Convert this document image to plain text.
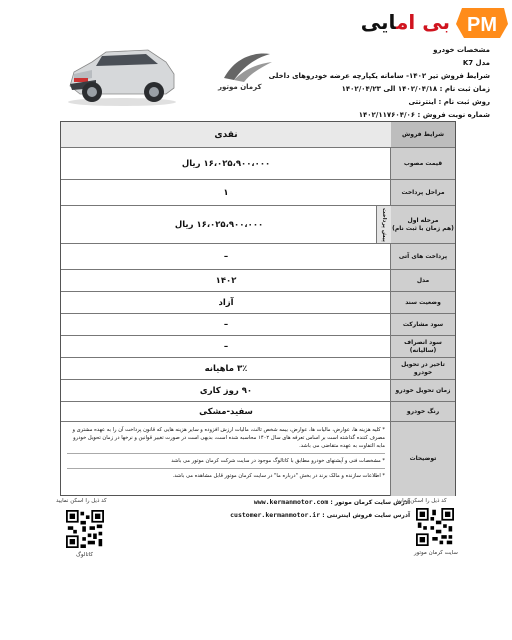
بی امایی	PM
مشخصات خودرو
مدل K7
شرایط فروش تیر ۱۴۰۲- سامانه یکپارچه عرضه خودروهای داخلی
زمان ثبت نام : ۱۴۰۲/۰۴/۱۸ الی ۱۴۰۲/۰۴/۲۳
روش ثبت نام : اینترنتی
شماره نوبت فروش : ۱۴۰۲/۱۱۷۶۰۴/۰۶
کرمان موتور
شرایط فروش
نقدی
قیمت مصوب
۱۶،۰۲۵،۹۰۰،۰۰۰ ریال
مراحل پرداخت
۱
مرحله اول
(هم زمان با ثبت نام)
پیش پرداخت
۱۶،۰۲۵،۹۰۰،۰۰۰ ریال
پرداخت های آتی
–
مدل
۱۴۰۲
وضعیت سند
آزاد
سود مشارکت
–
سود انصراف (سالیانه)
–
تاخیر در تحویل خودرو
۳٪ ماهیانه
زمان تحویل خودرو
۹۰ روز کاری
رنگ خودرو
سفید-مشکی
توضیحات
* کلیه هزینه ها، عوارض، مالیات ها، عوارض، بیمه شخص ثالث، مالیات ارزش افزوده و سایر هزینه هایی که قانون پرداخت آن را به عهده مشتری و مصرف کننده گذاشته است بر اساس تعرفه های سال ۱۴۰۲ محاسبه شده است، بدیهی است در صورت تغییر قوانین و نرخها در زمان تحویل خودرو مابه التفاوت به عهده متقاضی می باشد.
* مشخصات فنی و آپشنهای خودرو مطابق با کاتالوگ موجود در سایت شرکت کرمان موتور می باشد
* اطلاعات سازنده و مالک برند در بخش "درباره ما" در سایت کرمان موتور قابل مشاهده می باشد.
کد ذیل را اسکن نمایید
کاتالوگ
آدرس سایت کرمان موتور : www.kermanmotor.com
آدرس سایت فروش اینترنتی : customer.kermanmotor.ir
کد ذیل را اسکن نمایید
سایت کرمان موتور
